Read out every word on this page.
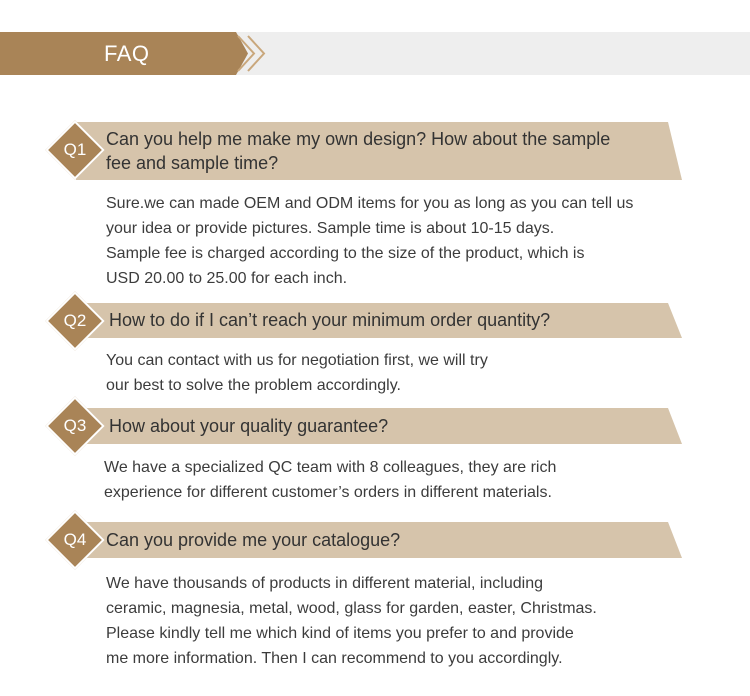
FAQ
Q1
Can you help me make my own design? How about the sample
fee and sample time?
Sure.we can made OEM and ODM items for you as long as you can tell us
your idea or provide pictures. Sample time is about 10-15 days.
Sample fee is charged according to the size of the product, which is
USD 20.00 to 25.00 for each inch.
Q2	How to do if I can’t reach your minimum order quantity?
You can contact with us for negotiation first, we will try
our best to solve the problem accordingly.
Q3	How about your quality guarantee?
We have a specialized QC team with 8 colleagues, they are rich
experience for different customer’s orders in different materials.
Q4	Can you provide me your catalogue?
We have thousands of products in different material, including
ceramic, magnesia, metal, wood, glass for garden, easter, Christmas.
Please kindly tell me which kind of items you prefer to and provide
me more information. Then I can recommend to you accordingly.
